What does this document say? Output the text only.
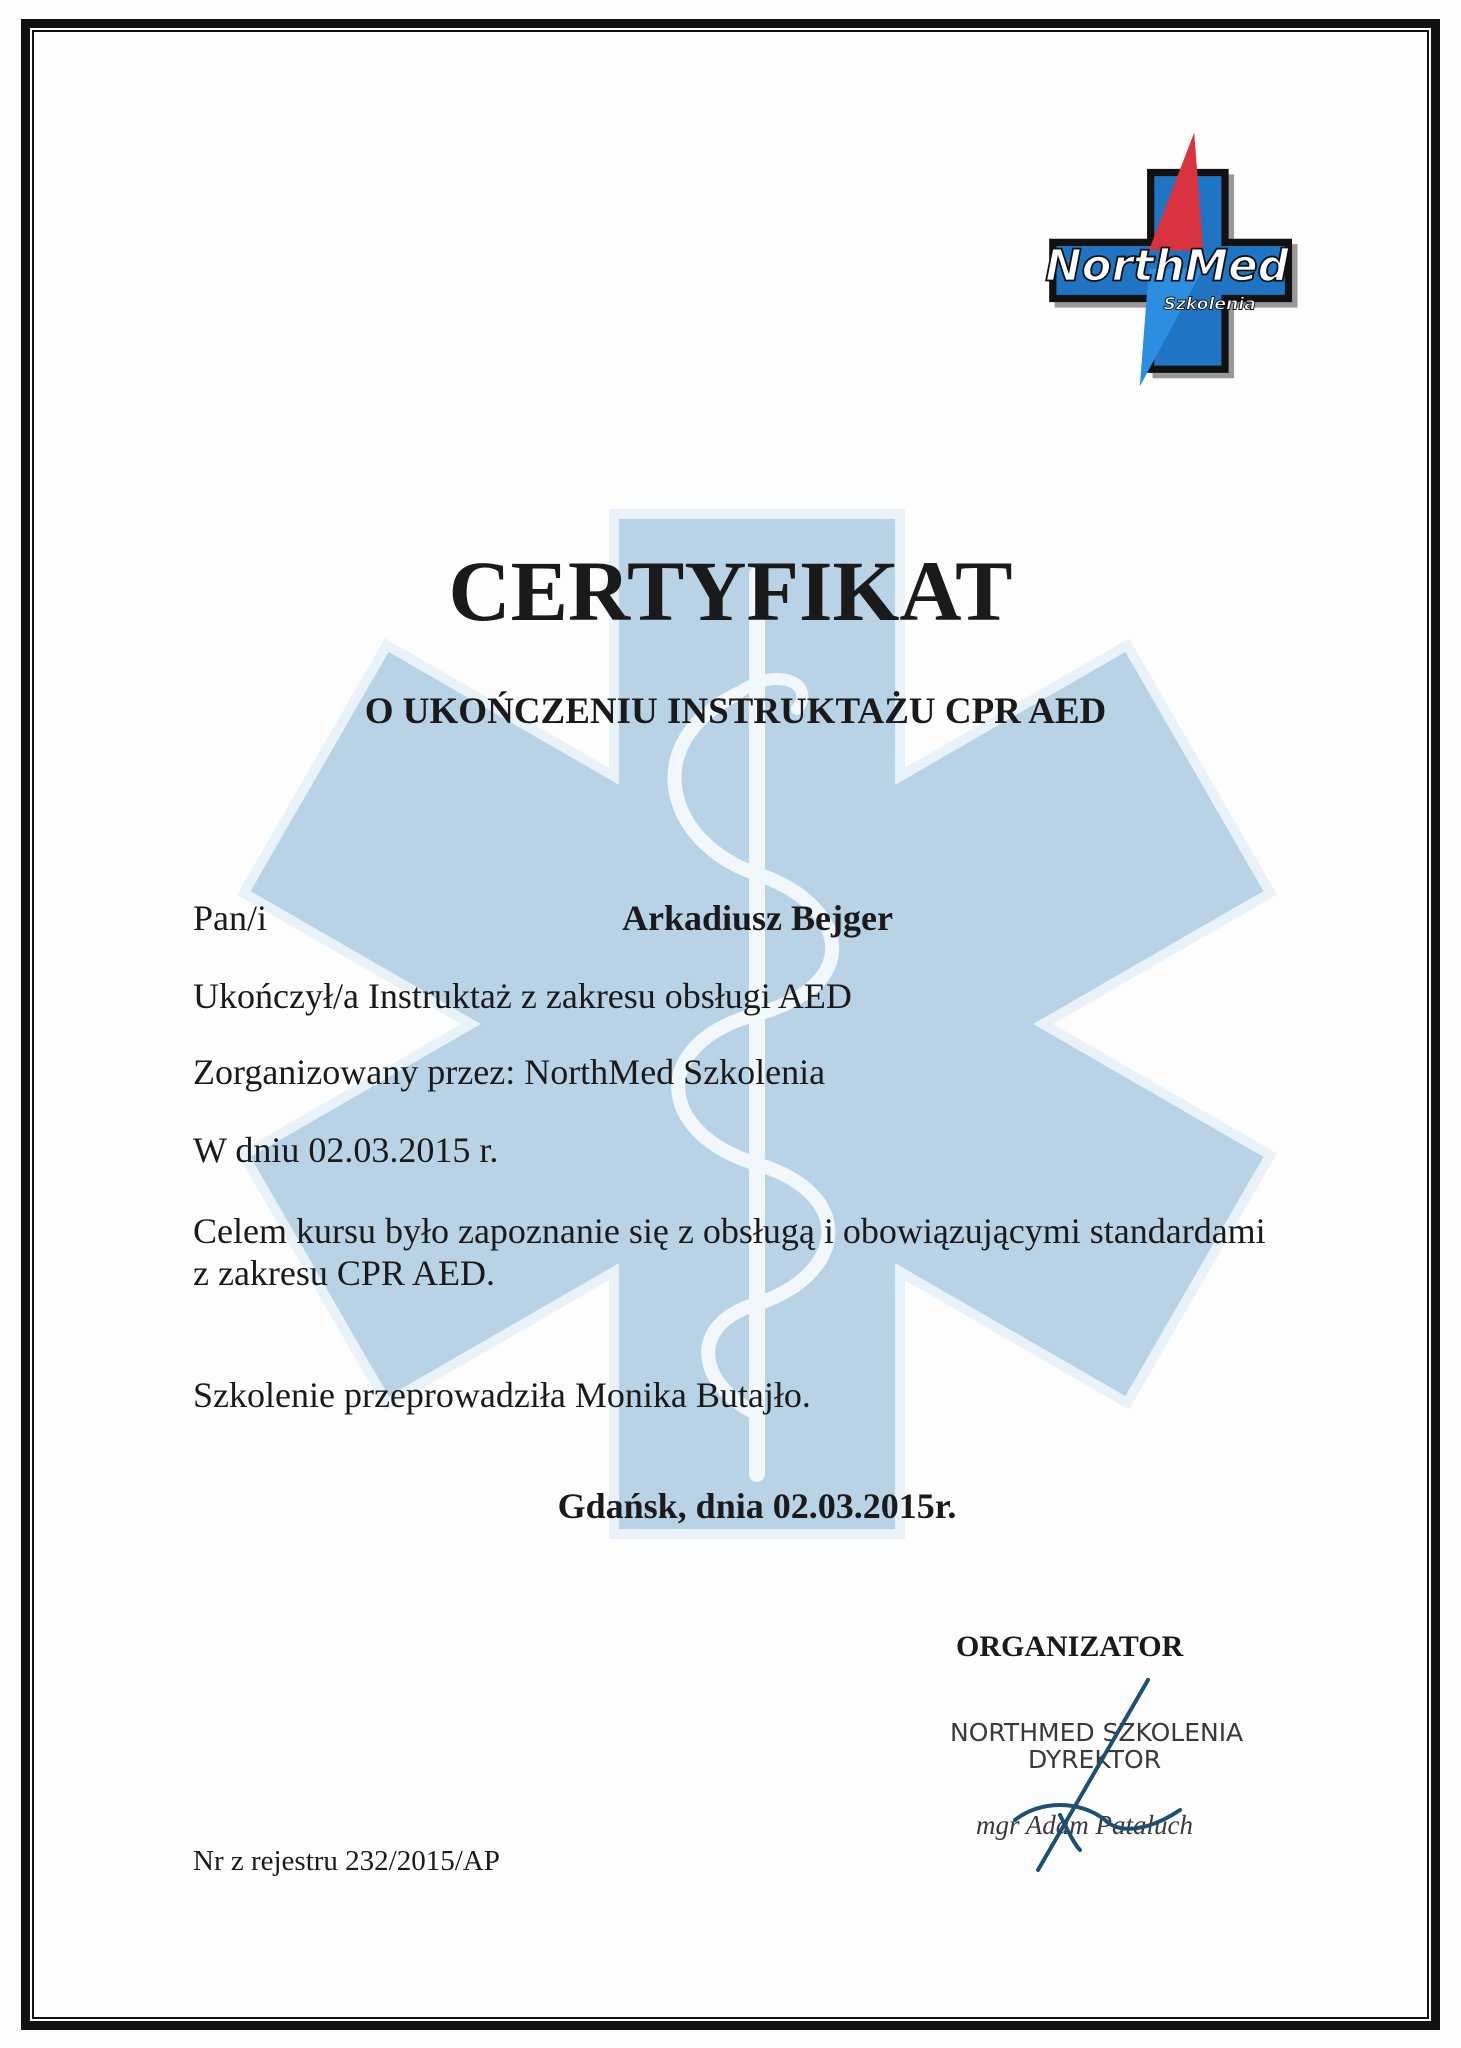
NorthMed
Szkolenia
CERTYFIKAT
O UKOŃCZENIU INSTRUKTAŻU CPR AED
Pan/i	Arkadiusz Bejger
Ukończył/a Instruktaż z zakresu obsługi AED
Zorganizowany przez: NorthMed Szkolenia
W dniu 02.03.2015 r.
Celem kursu było zapoznanie się z obsługą i obowiązującymi standardami
z zakresu CPR AED.
Szkolenie przeprowadziła Monika Butajło.
Gdańsk, dnia 02.03.2015r.
ORGANIZATOR
NORTHMED SZKOLENIA
DYREKTOR
mgr Adam Patałuch
Nr z rejestru 232/2015/AP
